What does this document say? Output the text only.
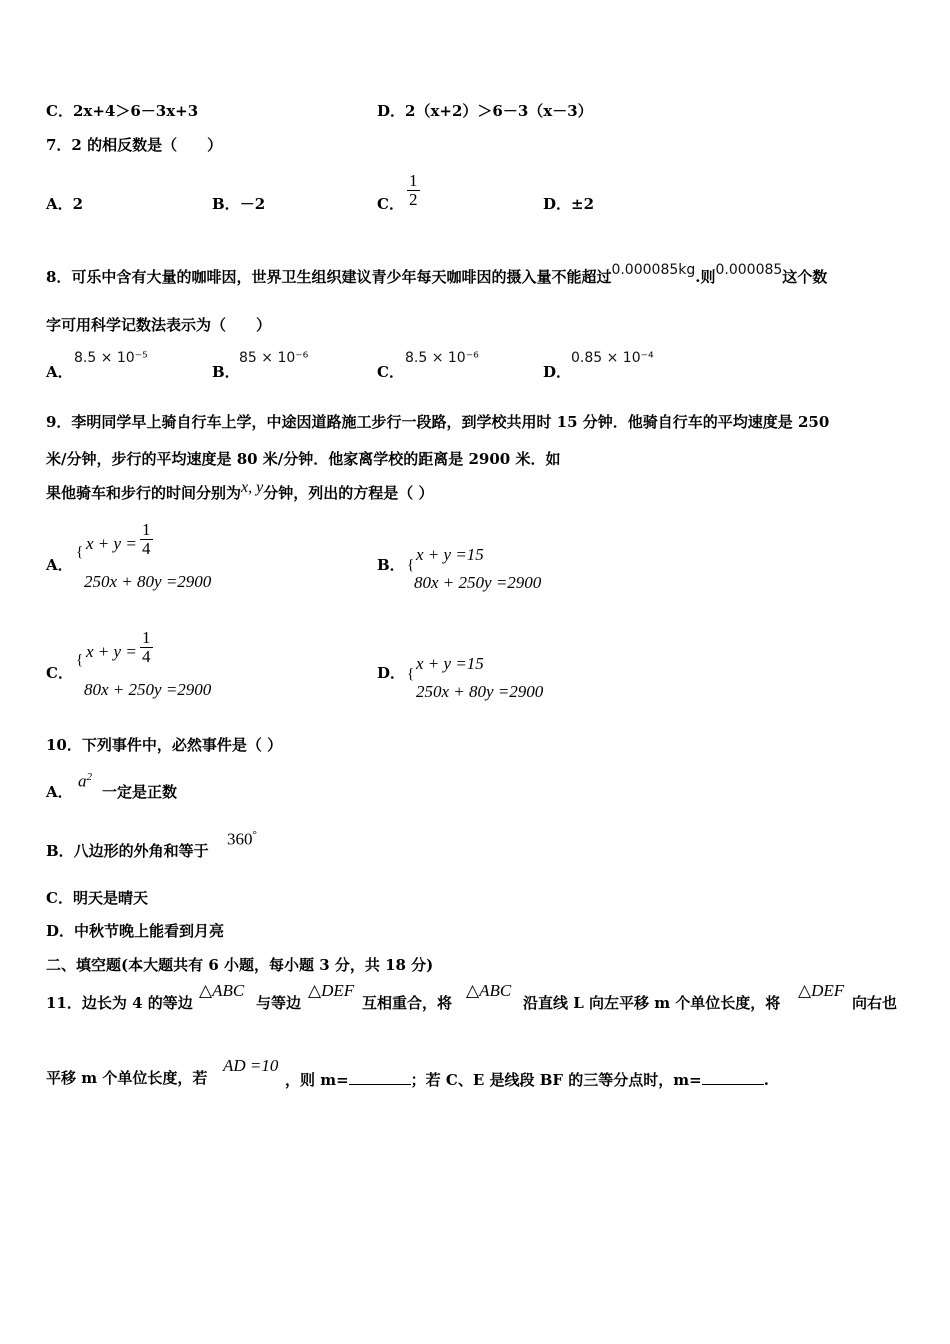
C．2x+4＞6－3x+3	D．2（x+2）＞6－3（x－3）
7．2 的相反数是（　　）
A．2	B．－2	C． $\frac{1}{2}$	D．±2
8．可乐中含有大量的咖啡因，世界卫生组织建议青少年每天咖啡因的摄入量不能超过0.000085kg.则0.000085这个数
字可用科学记数法表示为（　　）
A．
8.5 × 10⁻⁵
B．
85 × 10⁻⁶
C．
8.5 × 10⁻⁶
D．
0.85 × 10⁻⁴
9．李明同学早上骑自行车上学，中途因道路施工步行一段路，到学校共用时 15 分钟．他骑自行车的平均速度是 250
米/分钟，步行的平均速度是 80 米/分钟．他家离学校的距离是 2900 米．如
果他骑车和步行的时间分别为x, y分钟，列出的方程是（ ）
A．
{ $x + y = \frac{1}{4}$
250x + 80y =2900
B． {
x + y =15
80x + 250y =2900
C．
{ $x + y = \frac{1}{4}$
80x + 250y =2900
D． {
x + y =15
250x + 80y =2900
10．下列事件中，必然事件是（ ）
A．
$a^2$
一定是正数
B．八边形的外角和等于
360°
C．明天是晴天
D．中秋节晚上能看到月亮
二、填空题(本大题共有 6 小题，每小题 3 分，共 18 分)
11．边长为 4 的等边
△ABC
与等边
△DEF
互相重合，将
△ABC
沿直线 L 向左平移 m 个单位长度，将
△DEF
向右也
平移 m 个单位长度，若
AD =10
，则 m=	；若 C、E 是线段 BF 的三等分点时，m=	.
